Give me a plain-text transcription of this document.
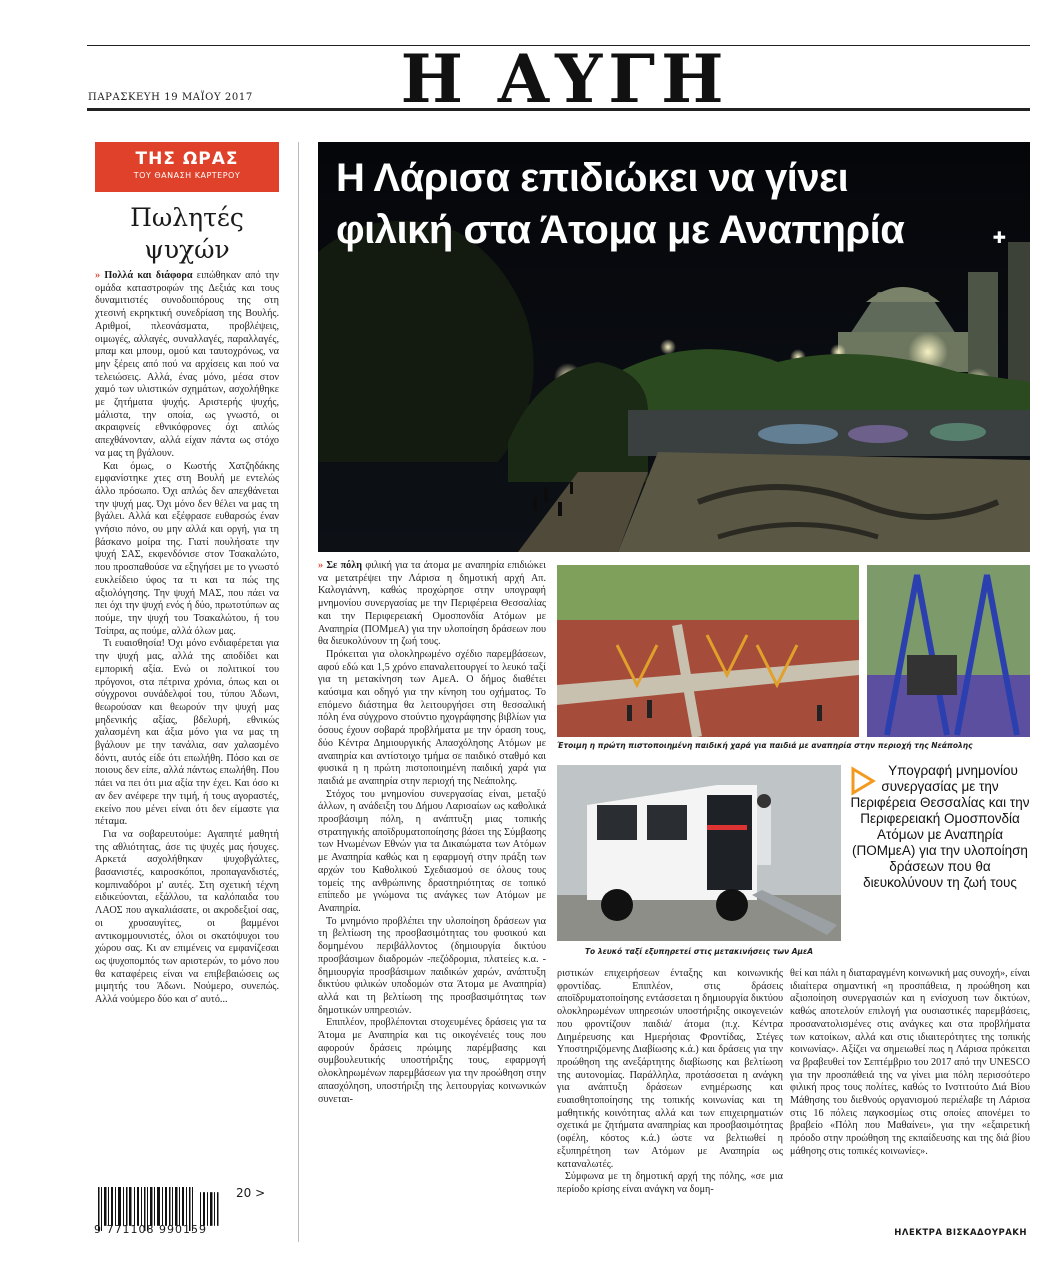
Η ΑΥΓΗ
ΠΑΡΑΣΚΕΥΗ 19 ΜΑΪΟΥ 2017
ΤΗΣ ΩΡΑΣ
ΤΟΥ ΘΑΝΑΣΗ ΚΑΡΤΕΡΟΥ
Πωλητές
ψυχών

» Πολλά και διάφορα ειπώθηκαν από την ομάδα καταστροφών της Δεξιάς και τους δυναμιτιστές συνοδοιπόρους της στη χτεσινή εκρηκτική συνεδρίαση της Βουλής. Αριθμοί, πλεονάσματα, προβλέψεις, οιμωγές, αλλαγές, συναλλαγές, παραλλαγές, μπαμ και μπουμ, ομού και ταυτοχρόνως, να μην ξέρεις από πού να αρχίσεις και πού να τελειώσεις. Αλλά, ένας μόνο, μέσα στον χαμό των υλιστικών σχημάτων, ασχολήθηκε με ζητήματα ψυχής. Αριστερής ψυχής, μάλιστα, την οποία, ως γνωστό, οι ακραιφνείς εθνικόφρονες όχι απλώς απεχθάνονταν, αλλά είχαν πάντα ως στόχο να μας τη βγάλουν.

Και όμως, ο Κωστής Χατζηδάκης εμφανίστηκε χτες στη Βουλή με εντελώς άλλο πρόσωπο. Όχι απλώς δεν απεχθάνεται την ψυχή μας. Όχι μόνο δεν θέλει να μας τη βγάλει. Αλλά και εξέφρασε ευθαρσώς έναν γνήσιο πόνο, ου μην αλλά και οργή, για τη βάσκανο μοίρα της. Γιατί πουλήσατε την ψυχή ΣΑΣ, εκφενδόνισε στον Τσακαλώτο, που προσπαθούσε να εξηγήσει με το γνωστό ευκλείδειο ύφος τα τι και τα πώς της αξιολόγησης. Την ψυχή ΜΑΣ, που πάει να πει όχι την ψυχή ενός ή δύο, πρωτοτύπων ας πούμε, την ψυχή του Τσακαλώτου, ή του Τσίπρα, ας πούμε, αλλά όλων μας.

Τι ευαισθησία! Όχι μόνο ενδιαφέρεται για την ψυχή μας, αλλά της αποδίδει και εμπορική αξία. Ενώ οι πολιτικοί του πρόγονοι, στα πέτρινα χρόνια, όπως και οι σύγχρονοι συνάδελφοί του, τύπου Άδωνι, θεωρούσαν και θεωρούν την ψυχή μας μηδενικής αξίας, βδελυρή, εθνικώς χαλασμένη και άξια μόνο για να μας τη βγάλουν με την τανάλια, σαν χαλασμένο δόντι, αυτός είδε ότι επωλήθη. Πόσο και σε ποιους δεν είπε, αλλά πάντως επωλήθη. Που πάει να πει ότι μια αξία την έχει. Και όσο κι αν δεν ανέφερε την τιμή, ή τους αγοραστές, εκείνο που μένει είναι ότι δεν είμαστε για πέταμα.

Για να σοβαρευτούμε: Αγαπητέ μαθητή της αθλιότητας, άσε τις ψυχές μας ήσυχες. Αρκετά ασχολήθηκαν ψυχοβγάλτες, βασανιστές, καιροσκόποι, προπαγανδιστές, κομπιναδόροι μ' αυτές. Στη σχετική τέχνη ειδικεύονται, εξάλλου, τα καλόπαιδα του ΛΑΟΣ που αγκαλιάσατε, οι ακροδεξιοί σας, οι χρυσαυγίτες, οι βαμμένοι αντικομμουνιστές, όλοι οι σκατόψυχοι του χώρου σας. Κι αν επιμένεις να εμφανίζεσαι ως ψυχοπομπός των αριστερών, το μόνο που θα καταφέρεις είναι να επιβεβαιώσεις ως μιμητής του Άδωνι. Νούμερο, συνεπώς. Αλλά νούμερο δύο και σ' αυτό...

9 771108 990159
20 >
✚
Η Λάρισα επιδιώκει να γίνει
φιλική στα Άτομα με Αναπηρία
Έτοιμη η πρώτη πιστοποιημένη παιδική χαρά για παιδιά με αναπηρία στην περιοχή της Νεάπολης
Το λευκό ταξί εξυπηρετεί στις μετακινήσεις των ΑμεΑ
Υπογραφή μνημονίου συνεργασίας με την Περιφέρεια Θεσσαλίας και την Περιφερειακή Ομοσπονδία Ατόμων με Αναπηρία (ΠΟΜμεΑ) για την υλοποίηση δράσεων που θα διευκολύνουν τη ζωή τους

» Σε πόλη φιλική για τα άτομα με αναπηρία επιδιώκει να μετατρέψει την Λάρισα η δημοτική αρχή Απ. Καλογιάννη, καθώς προχώρησε στην υπογραφή μνημονίου συνεργασίας με την Περιφέρεια Θεσσαλίας και την Περιφερειακή Ομοσπονδία Ατόμων με Αναπηρία (ΠΟΜμεΑ) για την υλοποίηση δράσεων που θα διευκολύνουν τη ζωή τους.

Πρόκειται για ολοκληρωμένο σχέδιο παρεμβάσεων, αφού εδώ και 1,5 χρόνο επαναλειτουργεί το λευκό ταξί για τη μετακίνηση των ΑμεΑ. Ο δήμος διαθέτει καύσιμα και οδηγό για την κίνηση του οχήματος. Το επόμενο διάστημα θα λειτουργήσει στη θεσσαλική πόλη ένα σύγχρονο στούντιο ηχογράφησης βιβλίων για όσους έχουν σοβαρά προβλήματα με την όραση τους, δύο Κέντρα Δημιουργικής Απασχόλησης Ατόμων με αναπηρία και αντίστοιχο τμήμα σε παιδικό σταθμό και φυσικά η η πρώτη πιστοποιημένη παιδική χαρά για παιδιά με αναπηρία στην περιοχή της Νεάπολης.

Στόχος του μνημονίου συνεργασίας είναι, μεταξύ άλλων, η ανάδειξη του Δήμου Λαρισαίων ως καθολικά προσβάσιμη πόλη, η ανάπτυξη μιας τοπικής στρατηγικής αποϊδρυματοποίησης βάσει της Σύμβασης των Ηνωμένων Εθνών για τα Δικαιώματα των Ατόμων με Αναπηρία καθώς και η εφαρμογή στην πράξη των αρχών του Καθολικού Σχεδιασμού σε όλους τους τομείς της ανθρώπινης δραστηριότητας σε τοπικό επίπεδο με γνώμονα τις ανάγκες των Ατόμων με Αναπηρία.

Το μνημόνιο προβλέπει την υλοποίηση δράσεων για τη βελτίωση της προσβασιμότητας του φυσικού και δομημένου περιβάλλοντος (δημιουργία δικτύου προσβάσιμων διαδρομών -πεζόδρομια, πλατείες κ.α. - δημιουργία προσβάσιμων παιδικών χαρών, ανάπτυξη δικτύου φιλικών υποδομών στα Άτομα με Αναπηρία) αλλά και τη βελτίωση της προσβασιμότητας των δημοτικών υπηρεσιών.

Επιπλέον, προβλέπονται στοχευμένες δράσεις για τα Άτομα με Αναπηρία και τις οικογένειές τους που αφορούν δράσεις πρώιμης παρέμβασης και συμβουλευτικής υποστήριξης τους, εφαρμογή ολοκληρωμένων παρεμβάσεων για την προώθηση στην απασχόληση, υποστήριξη της λειτουργίας κοινωνικών συνεται-

ριστικών επιχειρήσεων ένταξης και κοινωνικής φροντίδας. Επιπλέον, στις δράσεις αποϊδρυματοποίησης εντάσσεται η δημιουργία δικτύου ολοκληρωμένων υπηρεσιών υποστήριξης οικογενειών που φροντίζουν παιδιά/ άτομα (π.χ. Κέντρα Διημέρευσης και Ημερήσιας Φροντίδας, Στέγες Υποστηριζόμενης Διαβίωσης κ.ά.) και δράσεις για την προώθηση της ανεξάρτητης διαβίωσης και βελτίωση της αυτονομίας. Παράλληλα, προτάσσεται η ανάγκη για ανάπτυξη δράσεων ενημέρωσης και ευαισθητοποίησης της τοπικής κοινωνίας και τη μαθητικής κοινότητας αλλά και των επιχειρηματιών σχετικά με ζητήματα αναπηρίας και προσβασιμότητας (οφέλη, κόστος κ.ά.) ώστε να βελτιωθεί η εξυπηρέτηση των Ατόμων με Αναπηρία ως καταναλωτές.

Σύμφωνα με τη δημοτική αρχή της πόλης, «σε μια περίοδο κρίσης είναι ανάγκη να δομη-

θεί και πάλι η διαταραγμένη κοινωνική μας συνοχή», είναι ιδιαίτερα σημαντική «η προσπάθεια, η προώθηση και αξιοποίηση συνεργασιών και η ενίσχυση των δικτύων, καθώς αποτελούν επιλογή για ουσιαστικές παρεμβάσεις, προσανατολισμένες στις ανάγκες και στα προβλήματα των κατοίκων, αλλά και στις ιδιαιτερότητες της τοπικής κοινωνίας». Αξίζει να σημειωθεί πως η Λάρισα πρόκειται να βραβευθεί τον Σεπτέμβριο του 2017 από την UNESCO για την προσπάθειά της να γίνει μια πόλη περισσότερο φιλική προς τους πολίτες, καθώς το Ινστιτούτο Διά Βίου Μάθησης του διεθνούς οργανισμού περιέλαβε τη Λάρισα στις 16 πόλεις παγκοσμίως στις οποίες απονέμει το βραβείο «Πόλη που Μαθαίνει», για την «εξαιρετική πρόοδο στην προώθηση της εκπαίδευσης και της διά βίου μάθησης στις τοπικές κοινωνίες».

ΗΛΕΚΤΡΑ ΒΙΣΚΑΔΟΥΡΑΚΗ
